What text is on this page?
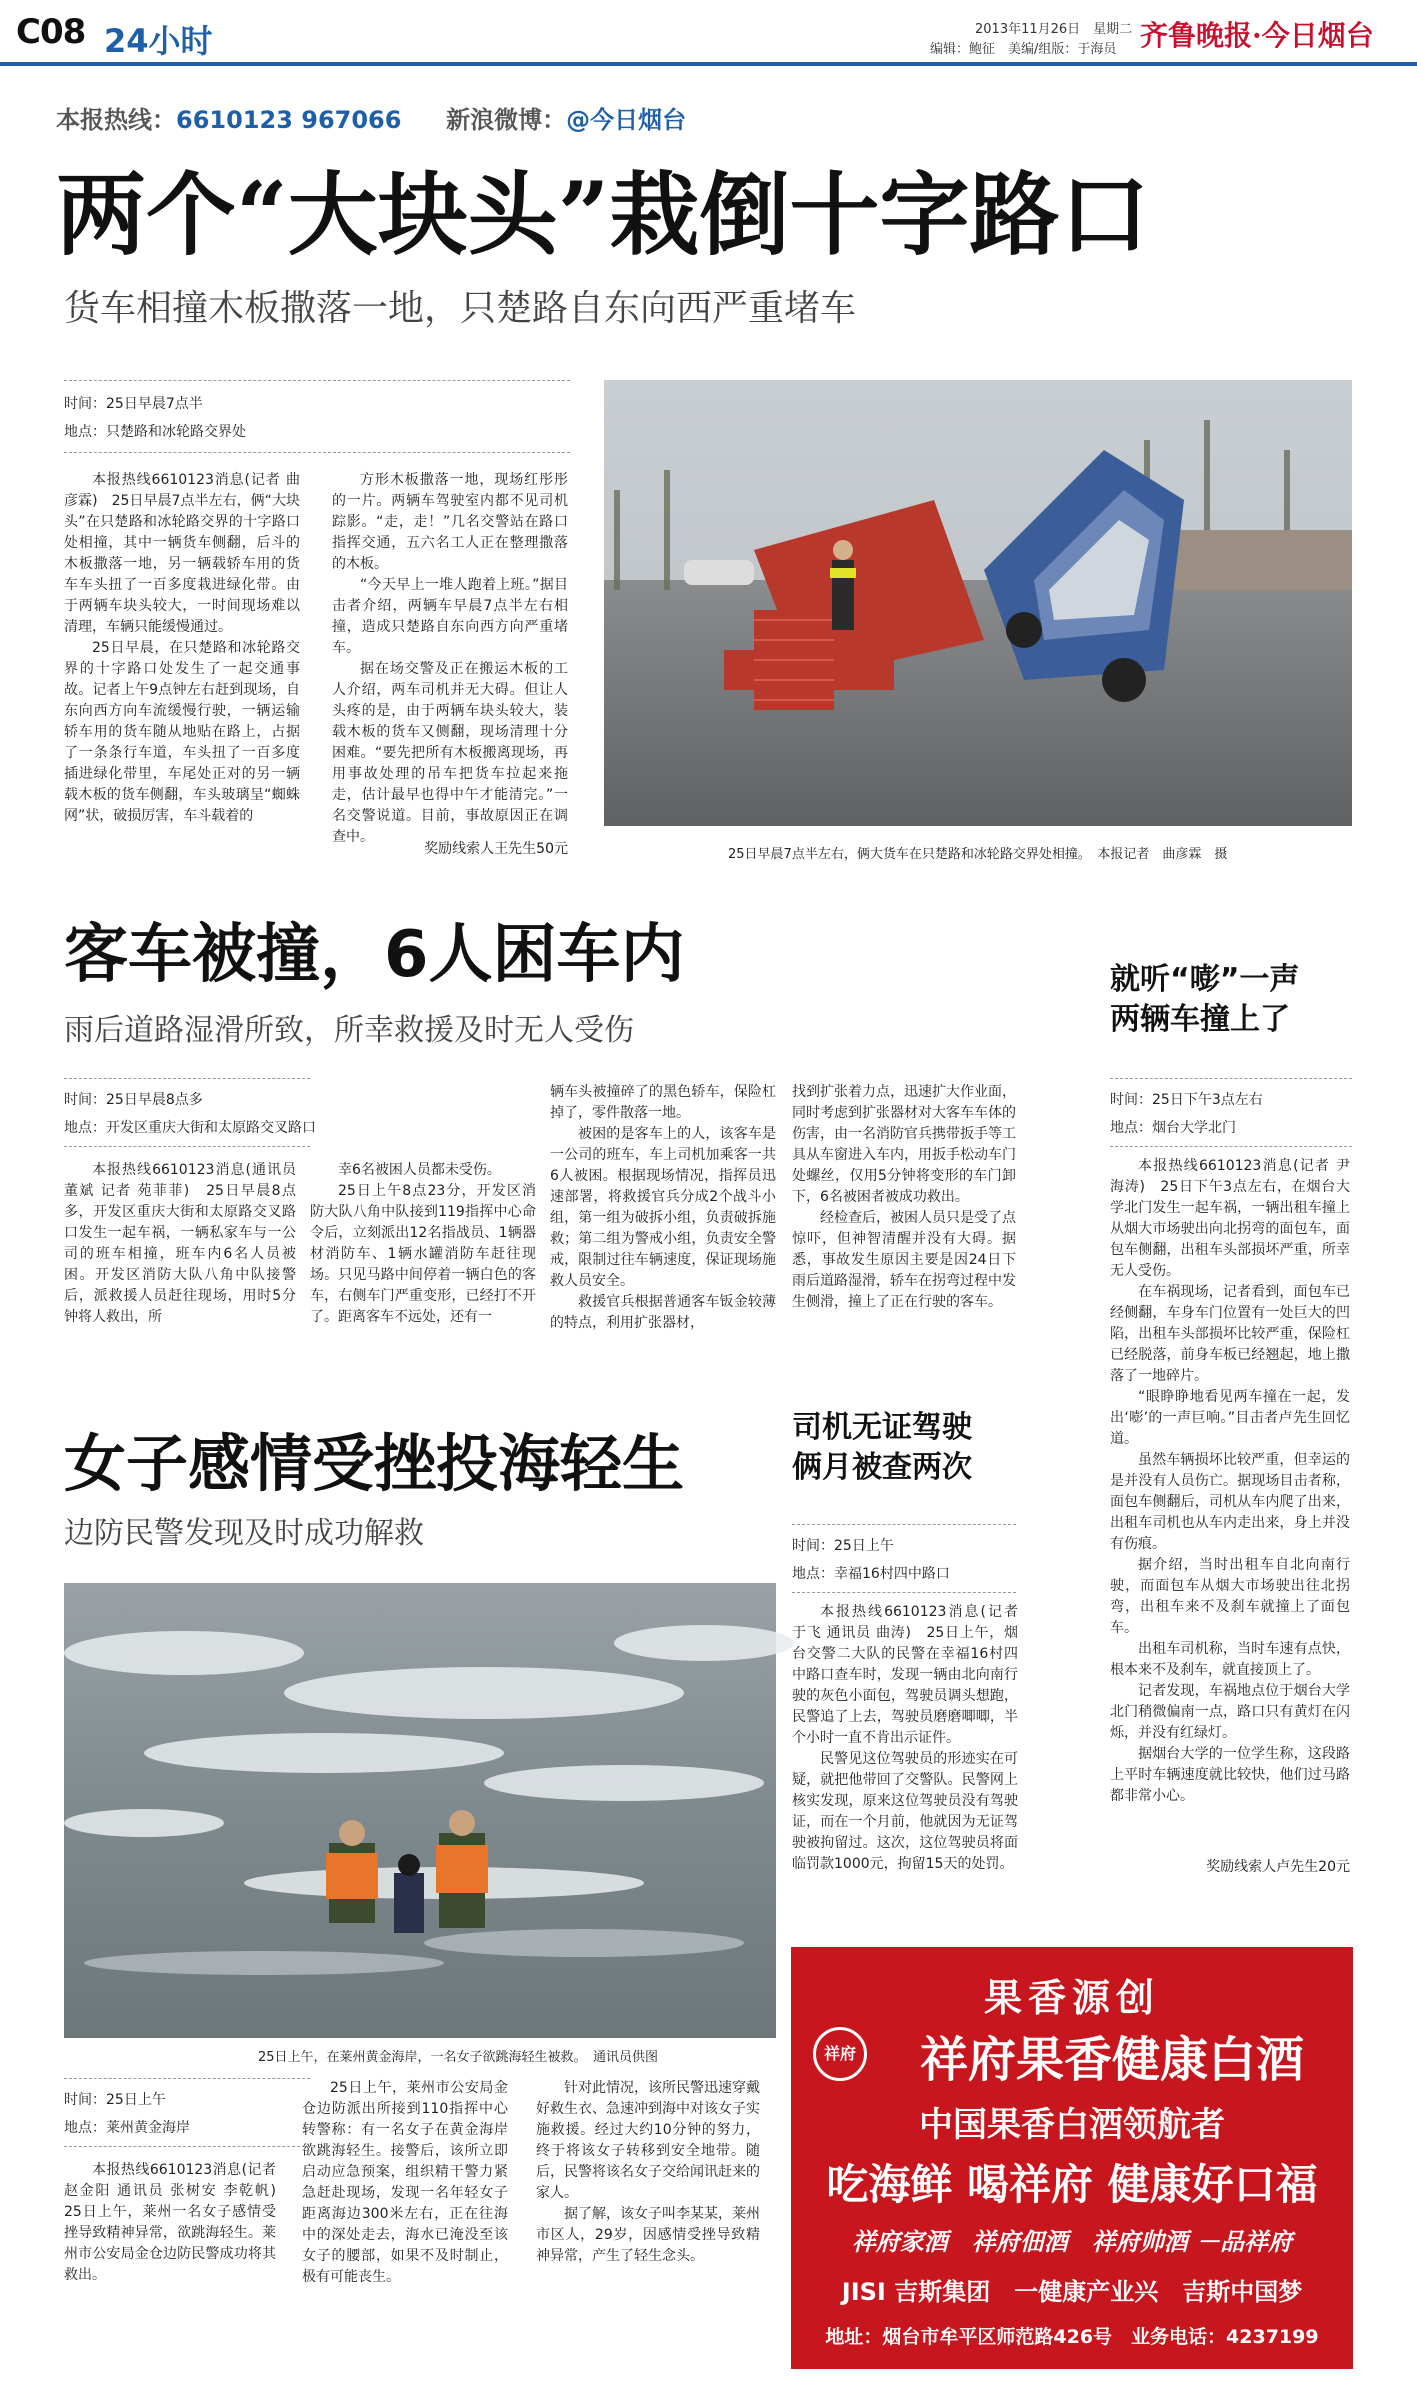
C08 24小时	2013年11月26日　星期二
编辑：鲍征　美编/组版：于海员 齐鲁晚报·今日烟台
本报热线：6610123 967066 新浪微博：@今日烟台
两个“大块头”栽倒十字路口
货车相撞木板撒落一地，只楚路自东向西严重堵车
时间：25日早晨7点半
地点：只楚路和冰轮路交界处

本报热线6610123消息(记者 曲彦霖)　25日早晨7点半左右，俩“大块头”在只楚路和冰轮路交界的十字路口处相撞，其中一辆货车侧翻，后斗的木板撒落一地，另一辆载轿车用的货车车头扭了一百多度栽进绿化带。由于两辆车块头较大，一时间现场难以清理，车辆只能缓慢通过。

25日早晨，在只楚路和冰轮路交界的十字路口处发生了一起交通事故。记者上午9点钟左右赶到现场，自东向西方向车流缓慢行驶，一辆运输轿车用的货车随从地贴在路上，占据了一条条行车道，车头扭了一百多度插进绿化带里，车尾处正对的另一辆载木板的货车侧翻，车头玻璃呈“蜘蛛网”状，破损厉害，车斗载着的

方形木板撒落一地，现场红彤彤的一片。两辆车驾驶室内都不见司机踪影。“走，走！”几名交警站在路口指挥交通，五六名工人正在整理撒落的木板。

“今天早上一堆人跑着上班。”据目击者介绍，两辆车早晨7点半左右相撞，造成只楚路自东向西方向严重堵车。

据在场交警及正在搬运木板的工人介绍，两车司机并无大碍。但让人头疼的是，由于两辆车块头较大，装载木板的货车又侧翻，现场清理十分困难。“要先把所有木板搬离现场，再用事故处理的吊车把货车拉起来拖走，估计最早也得中午才能清完。”一名交警说道。目前，事故原因正在调查中。

奖励线索人王先生50元	25日早晨7点半左右，俩大货车在只楚路和冰轮路交界处相撞。　本报记者　曲彦霖　摄
客车被撞，6人困车内
雨后道路湿滑所致，所幸救援及时无人受伤
时间：25日早晨8点多
地点：开发区重庆大街和太原路交叉路口

本报热线6610123消息(通讯员 董斌 记者 苑菲菲)　25日早晨8点多，开发区重庆大街和太原路交叉路口发生一起车祸，一辆私家车与一公司的班车相撞，班车内6名人员被困。开发区消防大队八角中队接警后，派救援人员赶往现场，用时5分钟将人救出，所

幸6名被困人员都未受伤。

25日上午8点23分，开发区消防大队八角中队接到119指挥中心命令后，立刻派出12名指战员、1辆器材消防车、1辆水罐消防车赶往现场。只见马路中间停着一辆白色的客车，右侧车门严重变形，已经打不开了。距离客车不远处，还有一

辆车头被撞碎了的黑色轿车，保险杠掉了，零件散落一地。

被困的是客车上的人，该客车是一公司的班车，车上司机加乘客一共6人被困。根据现场情况，指挥员迅速部署，将救援官兵分成2个战斗小组，第一组为破拆小组，负责破拆施救；第二组为警戒小组，负责安全警戒，限制过往车辆速度，保证现场施救人员安全。

救援官兵根据普通客车钣金较薄的特点，利用扩张器材，

找到扩张着力点，迅速扩大作业面，同时考虑到扩张器材对大客车车体的伤害，由一名消防官兵携带扳手等工具从车窗进入车内，用扳手松动车门处螺丝，仅用5分钟将变形的车门卸下，6名被困者被成功救出。

经检查后，被困人员只是受了点惊吓，但神智清醒并没有大碍。据悉，事故发生原因主要是因24日下雨后道路湿滑，轿车在拐弯过程中发生侧滑，撞上了正在行驶的客车。

女子感情受挫投海轻生
边防民警发现及时成功解救
25日上午，在莱州黄金海岸，一名女子欲跳海轻生被救。　通讯员供图
时间：25日上午
地点：莱州黄金海岸

本报热线6610123消息(记者 赵金阳 通讯员 张树安 李乾帆)　25日上午，莱州一名女子感情受挫导致精神异常，欲跳海轻生。莱州市公安局金仓边防民警成功将其救出。

25日上午，莱州市公安局金仓边防派出所接到110指挥中心转警称：有一名女子在黄金海岸欲跳海轻生。接警后，该所立即启动应急预案，组织精干警力紧急赶赴现场，发现一名年轻女子距离海边300米左右，正在往海中的深处走去，海水已淹没至该女子的腰部，如果不及时制止，极有可能丧生。

针对此情况，该所民警迅速穿戴好救生衣、急速冲到海中对该女子实施救援。经过大约10分钟的努力，终于将该女子转移到安全地带。随后，民警将该名女子交给闻讯赶来的家人。

据了解，该女子叫李某某，莱州市区人，29岁，因感情受挫导致精神异常，产生了轻生念头。

司机无证驾驶
俩月被查两次
时间：25日上午
地点：幸福16村四中路口

本报热线6610123消息(记者 于飞 通讯员 曲涛)　25日上午，烟台交警二大队的民警在幸福16村四中路口查车时，发现一辆由北向南行驶的灰色小面包，驾驶员调头想跑，民警追了上去，驾驶员磨磨唧唧，半个小时一直不肯出示证件。

民警见这位驾驶员的形迹实在可疑，就把他带回了交警队。民警网上核实发现，原来这位驾驶员没有驾驶证，而在一个月前，他就因为无证驾驶被拘留过。这次，这位驾驶员将面临罚款1000元，拘留15天的处罚。

就听“嘭”一声
两辆车撞上了
时间：25日下午3点左右
地点：烟台大学北门

本报热线6610123消息(记者 尹海涛)　25日下午3点左右，在烟台大学北门发生一起车祸，一辆出租车撞上从烟大市场驶出向北拐弯的面包车，面包车侧翻，出租车头部损坏严重，所幸无人受伤。

在车祸现场，记者看到，面包车已经侧翻，车身车门位置有一处巨大的凹陷，出租车头部损坏比较严重，保险杠已经脱落，前身车板已经翘起，地上撒落了一地碎片。

“眼睁睁地看见两车撞在一起，发出‘嘭’的一声巨响。”目击者卢先生回忆道。

虽然车辆损坏比较严重，但幸运的是并没有人员伤亡。据现场目击者称，面包车侧翻后，司机从车内爬了出来，出租车司机也从车内走出来，身上并没有伤痕。

据介绍，当时出租车自北向南行驶，而面包车从烟大市场驶出往北拐弯，出租车来不及刹车就撞上了面包车。

出租车司机称，当时车速有点快，根本来不及刹车，就直接顶上了。

记者发现，车祸地点位于烟台大学北门稍微偏南一点，路口只有黄灯在闪烁，并没有红绿灯。

据烟台大学的一位学生称，这段路上平时车辆速度就比较快，他们过马路都非常小心。

奖励线索人卢先生20元
果香源创
祥府	祥府果香健康白酒
中国果香白酒领航者
吃海鲜 喝祥府 健康好口福
祥府家酒　祥府佃酒　祥府帅酒 －品祥府
JISI 吉斯集团　一健康产业兴　吉斯中国梦
地址：烟台市牟平区师范路426号　业务电话：4237199
